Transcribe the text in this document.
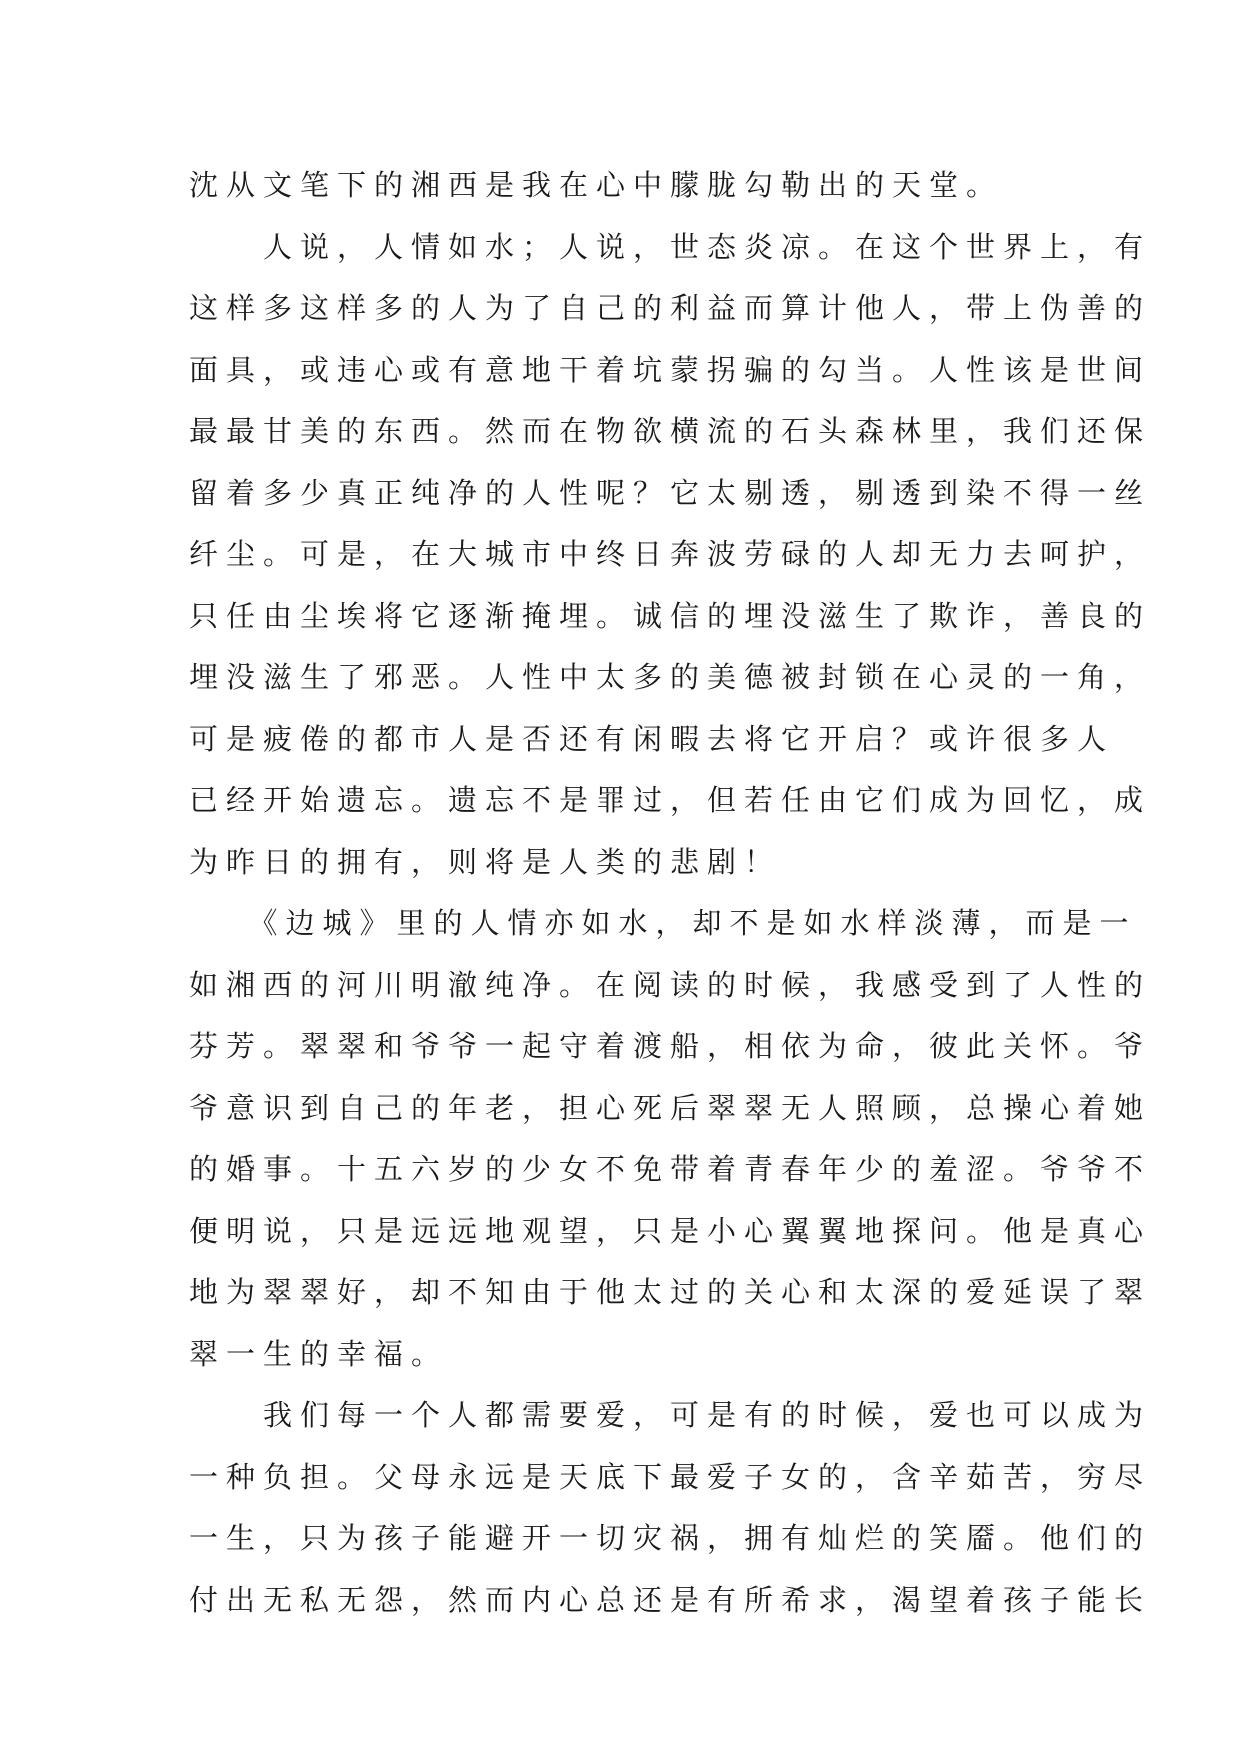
沈从文笔下的湘西是我在心中朦胧勾勒出的天堂。
　　人说，人情如水；人说，世态炎凉。在这个世界上，有
这样多这样多的人为了自己的利益而算计他人，带上伪善的
面具，或违心或有意地干着坑蒙拐骗的勾当。人性该是世间
最最甘美的东西。然而在物欲横流的石头森林里，我们还保
留着多少真正纯净的人性呢？它太剔透，剔透到染不得一丝
纤尘。可是，在大城市中终日奔波劳碌的人却无力去呵护，
只任由尘埃将它逐渐掩埋。诚信的埋没滋生了欺诈，善良的
埋没滋生了邪恶。人性中太多的美德被封锁在心灵的一角，
可是疲倦的都市人是否还有闲暇去将它开启？或许很多人
已经开始遗忘。遗忘不是罪过，但若任由它们成为回忆，成
为昨日的拥有，则将是人类的悲剧！
　　《边城》里的人情亦如水，却不是如水样淡薄，而是一
如湘西的河川明澈纯净。在阅读的时候，我感受到了人性的
芬芳。翠翠和爷爷一起守着渡船，相依为命，彼此关怀。爷
爷意识到自己的年老，担心死后翠翠无人照顾，总操心着她
的婚事。十五六岁的少女不免带着青春年少的羞涩。爷爷不
便明说，只是远远地观望，只是小心翼翼地探问。他是真心
地为翠翠好，却不知由于他太过的关心和太深的爱延误了翠
翠一生的幸福。
　　我们每一个人都需要爱，可是有的时候，爱也可以成为
一种负担。父母永远是天底下最爱子女的，含辛茹苦，穷尽
一生，只为孩子能避开一切灾祸，拥有灿烂的笑靥。他们的
付出无私无怨，然而内心总还是有所希求，渴望着孩子能长
